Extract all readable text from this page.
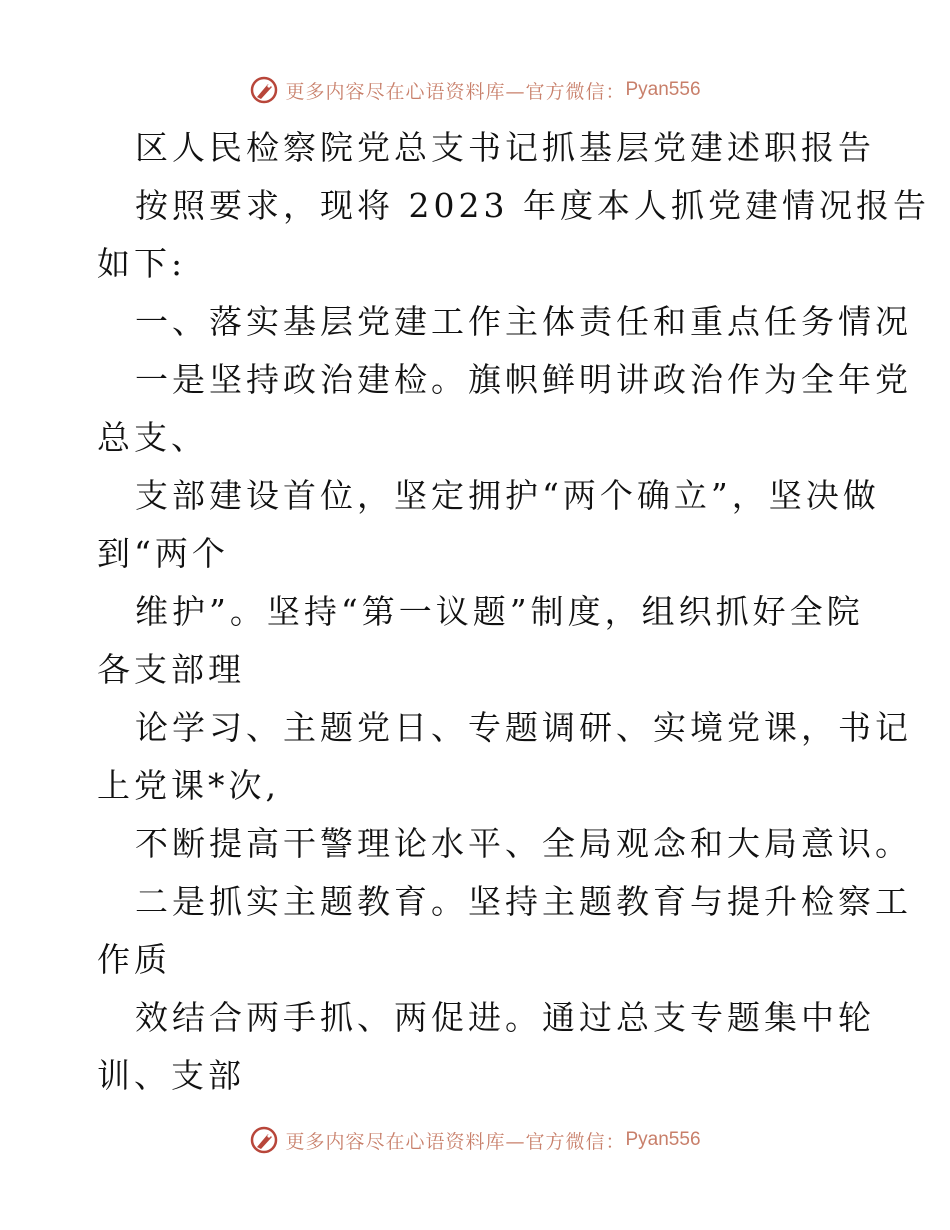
更多内容尽在心语资料库—官方微信： Pyan556
区人民检察院党总支书记抓基层党建述职报告
按照要求，现将 2023 年度本人抓党建情况报告
如下:
一、落实基层党建工作主体责任和重点任务情况
一是坚持政治建检。旗帜鲜明讲政治作为全年党
总支、
支部建设首位，坚定拥护“两个确立”，坚决做
到“两个
维护”。坚持“第一议题”制度，组织抓好全院
各支部理
论学习、主题党日、专题调研、实境党课，书记
上党课*次,
不断提高干警理论水平、全局观念和大局意识。
二是抓实主题教育。坚持主题教育与提升检察工
作质
效结合两手抓、两促进。通过总支专题集中轮
训、支部
更多内容尽在心语资料库—官方微信： Pyan556
